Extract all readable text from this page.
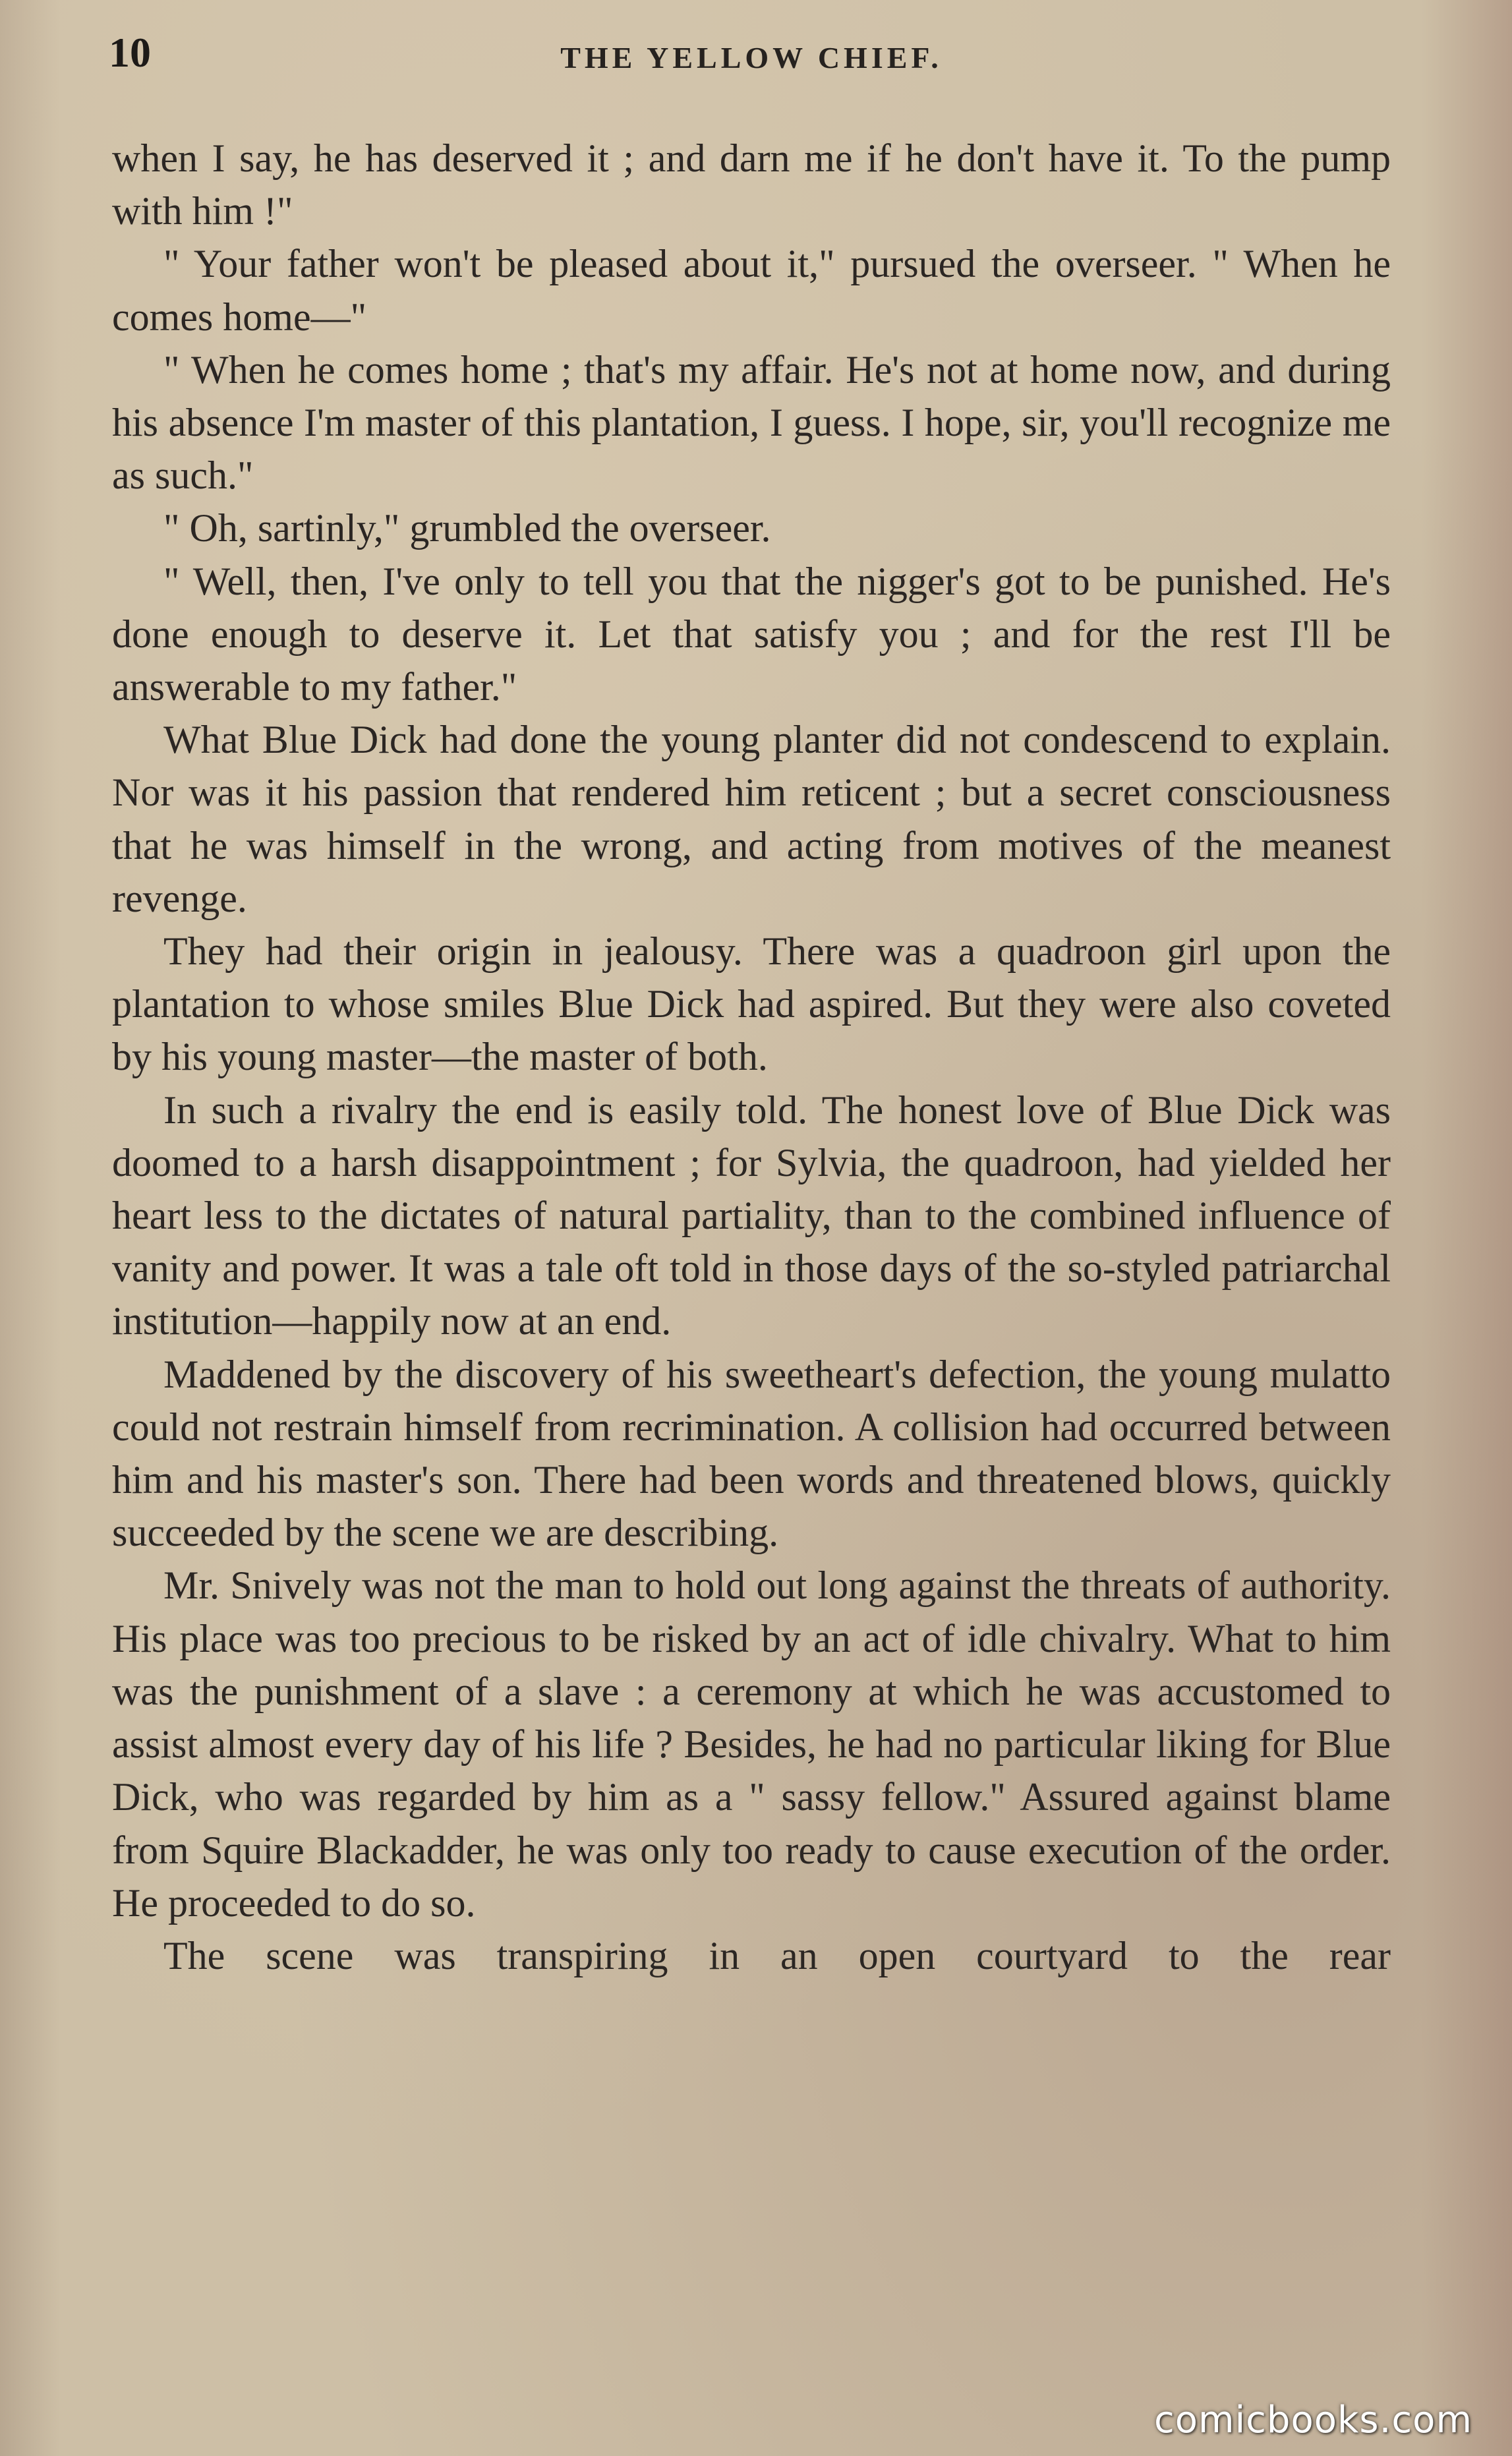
10	THE YELLOW CHIEF.

when I say, he has deserved it ; and darn me if he don't have it. To the pump with him !"

" Your father won't be pleased about it," pursued the overseer. " When he comes home—"

" When he comes home ; that's my affair. He's not at home now, and during his absence I'm master of this plantation, I guess. I hope, sir, you'll recognize me as such."

" Oh, sartinly," grumbled the overseer.

" Well, then, I've only to tell you that the nigger's got to be punished. He's done enough to deserve it. Let that satisfy you ; and for the rest I'll be answerable to my father."

What Blue Dick had done the young planter did not condescend to explain. Nor was it his passion that rendered him reticent ; but a secret consciousness that he was himself in the wrong, and acting from motives of the meanest revenge.

They had their origin in jealousy. There was a quadroon girl upon the plantation to whose smiles Blue Dick had aspired. But they were also coveted by his young master—the master of both.

In such a rivalry the end is easily told. The honest love of Blue Dick was doomed to a harsh disappointment ; for Sylvia, the quadroon, had yielded her heart less to the dictates of natural partiality, than to the combined influence of vanity and power. It was a tale oft told in those days of the so-styled patriarchal institution—happily now at an end.

Maddened by the discovery of his sweetheart's defection, the young mulatto could not restrain himself from recrimination. A collision had occurred between him and his master's son. There had been words and threatened blows, quickly succeeded by the scene we are describing.

Mr. Snively was not the man to hold out long against the threats of authority. His place was too precious to be risked by an act of idle chivalry. What to him was the punishment of a slave : a ceremony at which he was accustomed to assist almost every day of his life ? Besides, he had no particular liking for Blue Dick, who was regarded by him as a " sassy fellow." Assured against blame from Squire Blackadder, he was only too ready to cause execution of the order. He proceeded to do so.

The scene was transpiring in an open courtyard to the rear

comicbooks.com
